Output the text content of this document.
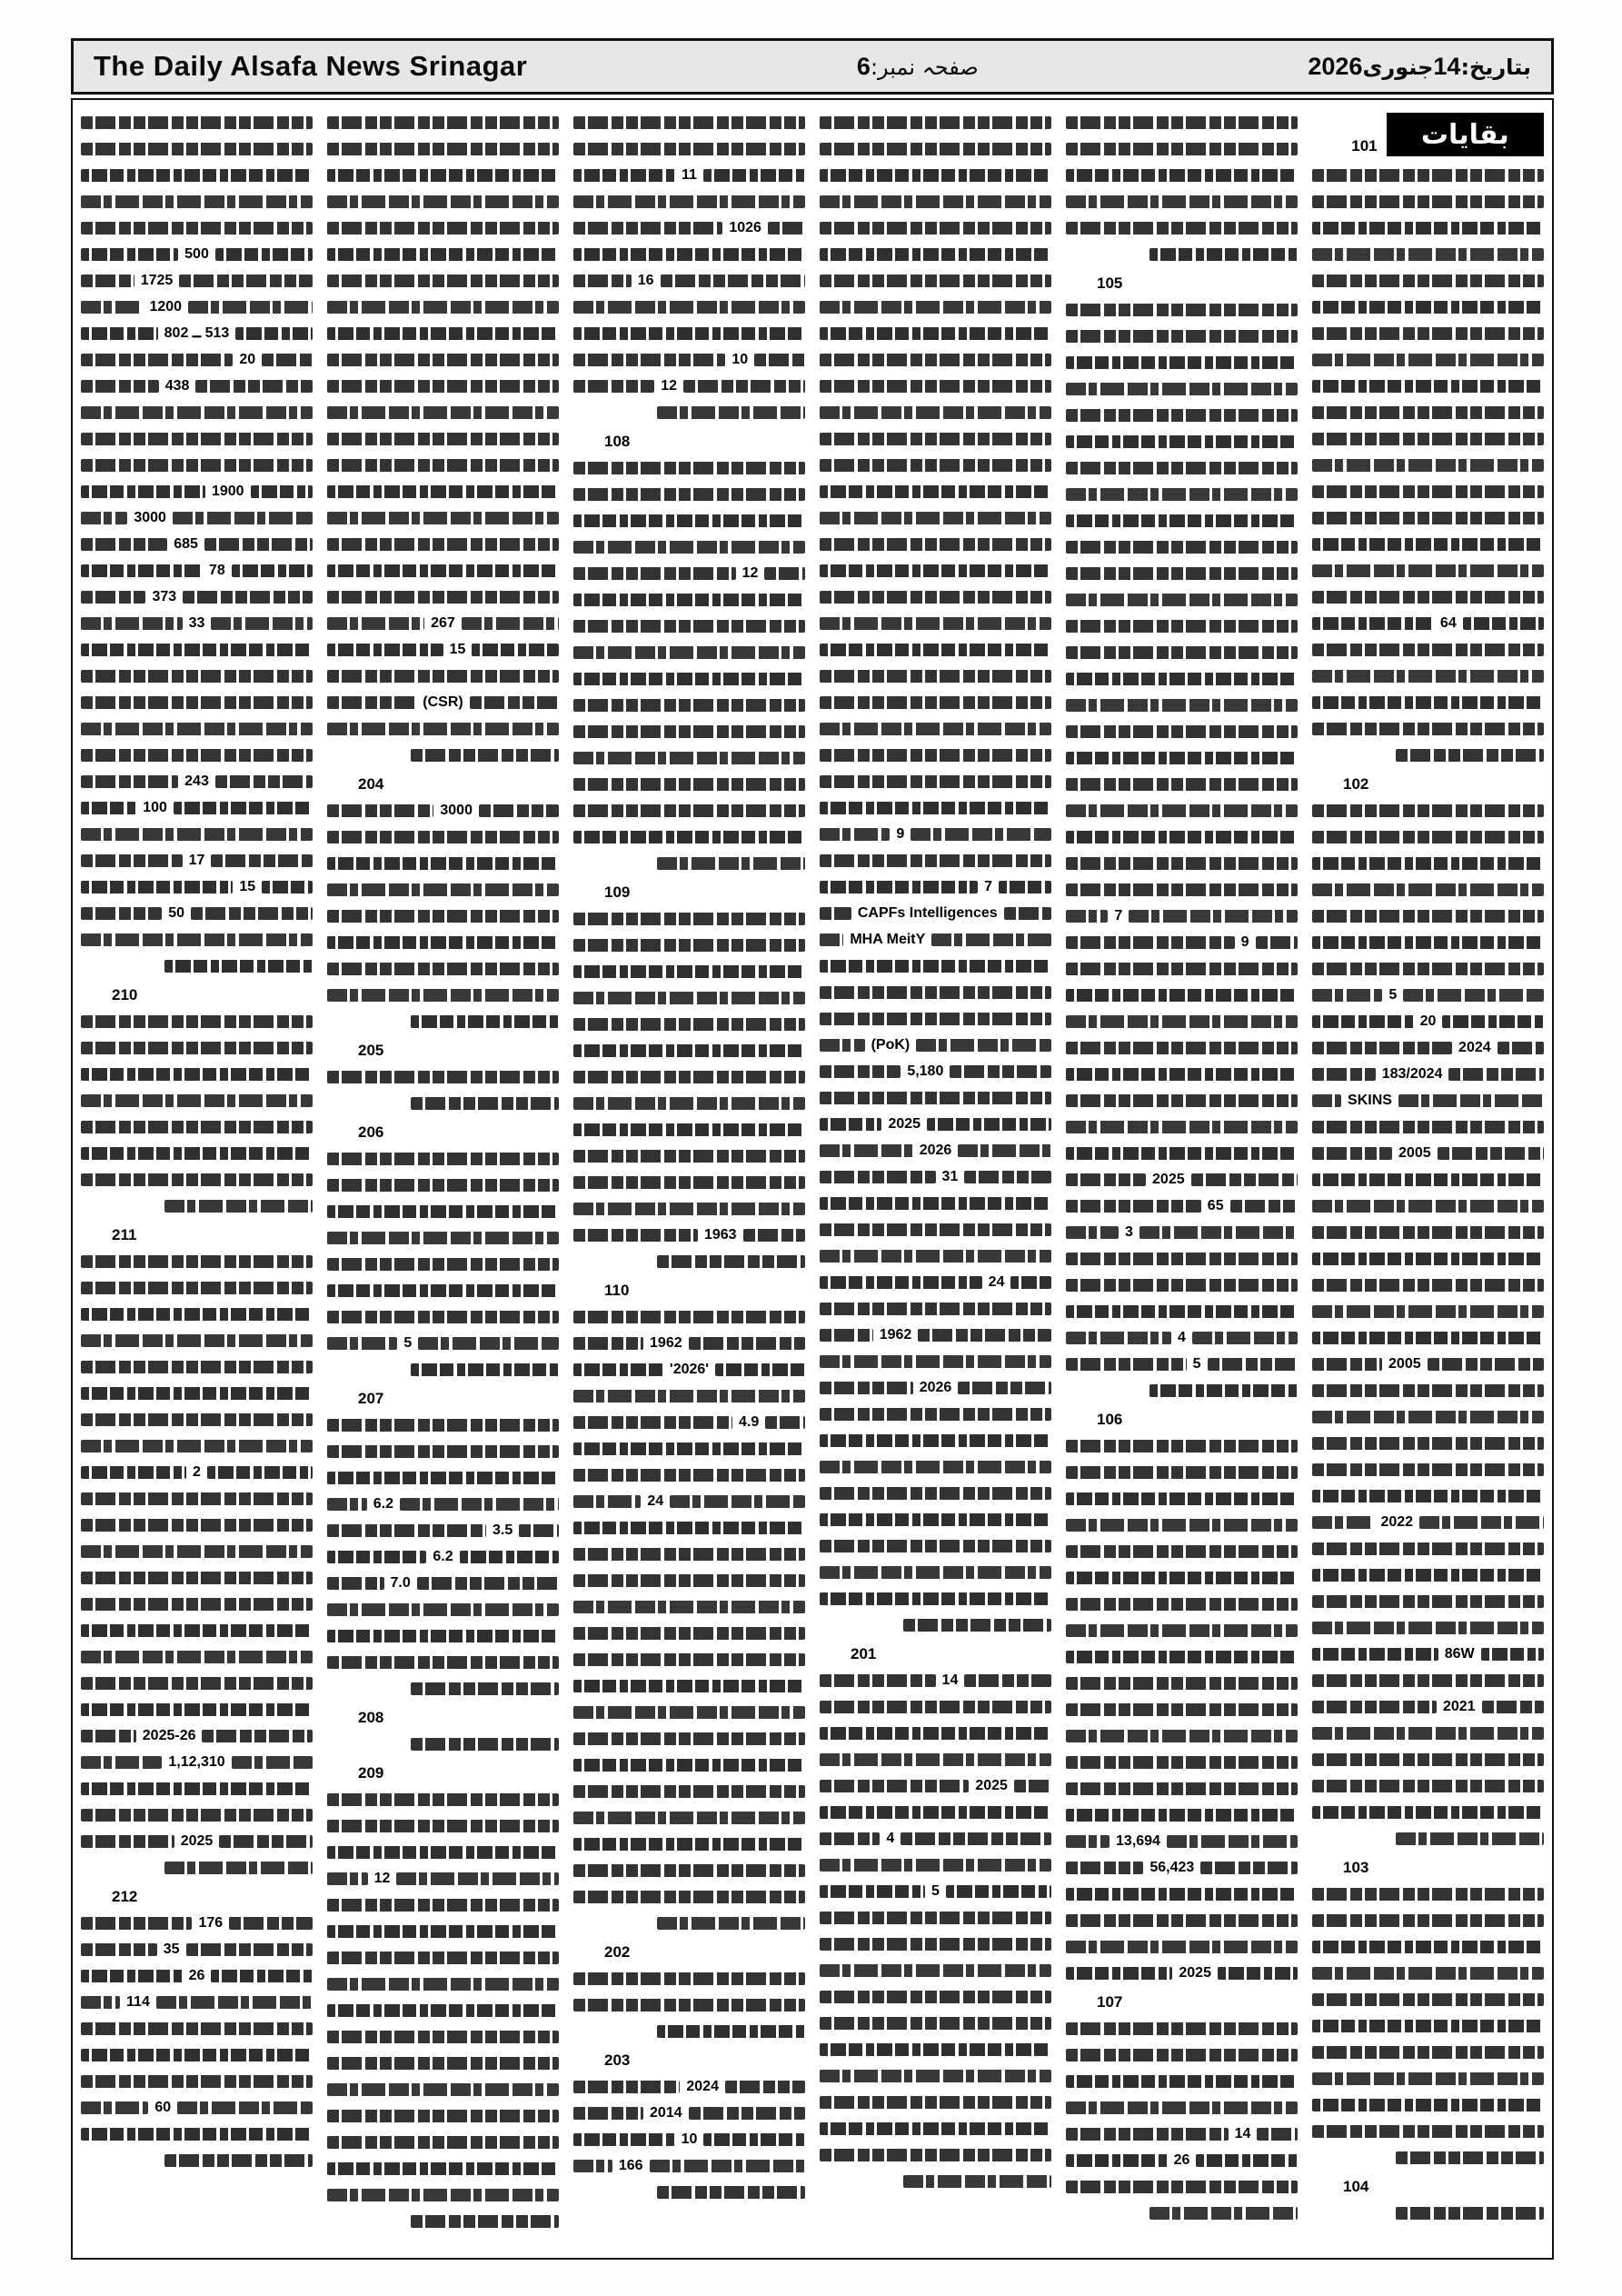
The Daily Alsafa News Srinagar	صفحہ نمبر:6	بتاریخ:14جنوری2026
500
1725
1200
513 ــ 802
20
438
1900
3000
685
78
373
33
243
100
17
15
50
210
211
2
2025-26
1,12,310
2025
212
176
35
26
114
60
267
15
(CSR)
204
3000
205
206
5
207
6.2
3.5
6.2
7.0
208
209
12
11
1026
16
10
12
108
12
109
1963
110
1962
'2026'
4.9
24
202
203
2024
2014
10
166
9
7
CAPFs Intelligences
MHA MeitY
(PoK)
5,180
2025
2026
31
24
1962
2026
201
14
2025
4
5
105
7
9
2025
65
3
4
5
106
13,694
56,423
2025
107
14
26
101	بقایات
64
102
5
20
2024
183/2024
SKINS
2005
2005
2022
86W
2021
103
104
